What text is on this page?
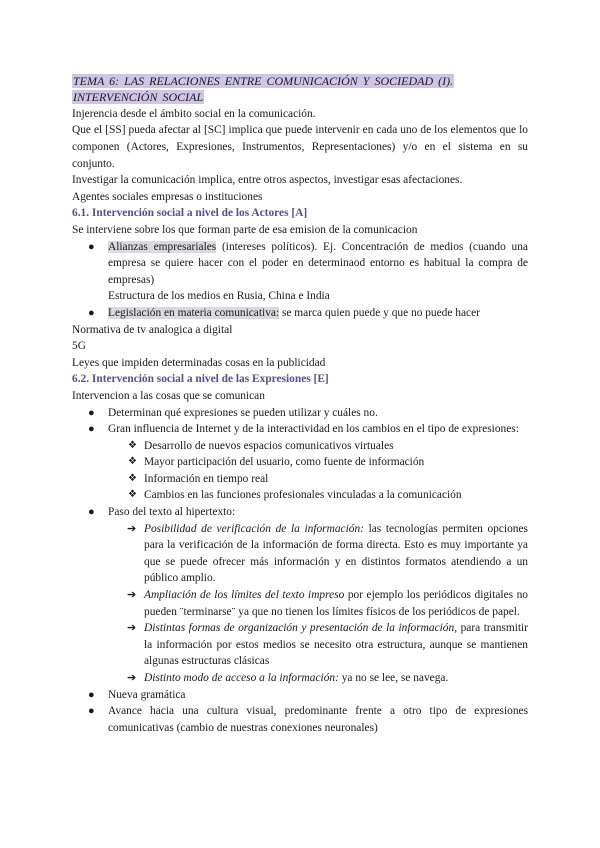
TEMA 6: LAS RELACIONES ENTRE COMUNICACIÓN Y SOCIEDAD (I).
INTERVENCIÓN SOCIAL

Injerencia desde el ámbito social en la comunicación.

Que el [SS] pueda afectar al [SC] implica que puede intervenir en cada uno de los elementos que lo componen (Actores, Expresiones, Instrumentos, Representaciones) y/o en el sistema en su conjunto.

Investigar la comunicación implica, entre otros aspectos, investigar esas afectaciones.

Agentes sociales empresas o instituciones

6.1. Intervención social a nivel de los Actores [A]

Se interviene sobre los que forman parte de esa emision de la comunicacion

● Alianzas empresariales (intereses políticos). Ej. Concentración de medios (cuando una empresa se quiere hacer con el poder en determinaod entorno es habitual la compra de empresas)

Estructura de los medios en Rusia, China e India

● Legislación en materia comunicativa: se marca quien puede y que no puede hacer

Normativa de tv analogica a digital

5G

Leyes que impiden determinadas cosas en la publicidad

6.2. Intervención social a nivel de las Expresiones [E]

Intervencion a las cosas que se comunican

● Determinan qué expresiones se pueden utilizar y cuáles no.
● Gran influencia de Internet y de la interactividad en los cambios en el tipo de expresiones:
❖ Desarrollo de nuevos espacios comunicativos virtuales
❖ Mayor participación del usuario, como fuente de información
❖ Información en tiempo real
❖ Cambios en las funciones profesionales vinculadas a la comunicación
● Paso del texto al hipertexto:
➔ Posibilidad de verificación de la información: las tecnologías permiten opciones para la verificación de la información de forma directa. Esto es muy importante ya que se puede ofrecer más información y en distintos formatos atendiendo a un público amplio.
➔ Ampliación de los límites del texto impreso por ejemplo los periódicos digitales no pueden ¨terminarse¨ ya que no tienen los límites físicos de los periódicos de papel.
➔ Distintas formas de organización y presentación de la información, para transmitir la información por estos medios se necesito otra estructura, aunque se mantienen algunas estructuras clásicas
➔ Distinto modo de acceso a la información: ya no se lee, se navega.
● Nueva gramática
● Avance hacia una cultura visual, predominante frente a otro tipo de expresiones comunicativas (cambio de nuestras conexiones neuronales)
